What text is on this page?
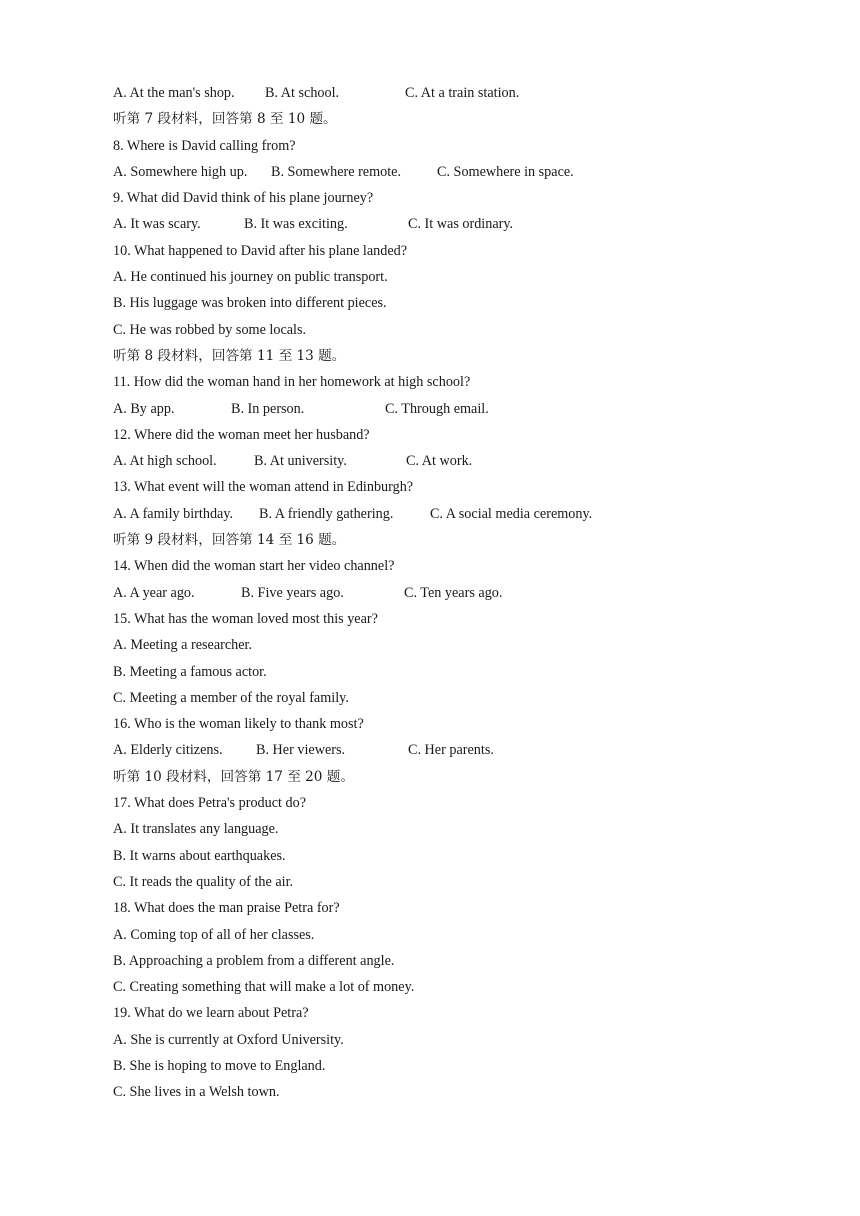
A. At the man's shop. B. At school.	C. At a train station.
听第 7 段材料，回答第 8 至 10 题。
8. Where is David calling from?
A. Somewhere high up. B. Somewhere remote.	C. Somewhere in space.
9. What did David think of his plane journey?
A. It was scary.	B. It was exciting.	C. It was ordinary.
10. What happened to David after his plane landed?
A. He continued his journey on public transport.
B. His luggage was broken into different pieces.
C. He was robbed by some locals.
听第 8 段材料，回答第 11 至 13 题。
11. How did the woman hand in her homework at high school?
A. By app.	B. In person.	C. Through email.
12. Where did the woman meet her husband?
A. At high school.	B. At university.	C. At work.
13. What event will the woman attend in Edinburgh?
A. A family birthday. B. A friendly gathering.	C. A social media ceremony.
听第 9 段材料，回答第 14 至 16 题。
14. When did the woman start her video channel?
A. A year ago.	B. Five years ago.	C. Ten years ago.
15. What has the woman loved most this year?
A. Meeting a researcher.
B. Meeting a famous actor.
C. Meeting a member of the royal family.
16. Who is the woman likely to thank most?
A. Elderly citizens. B. Her viewers.	C. Her parents.
听第 10 段材料，回答第 17 至 20 题。
17. What does Petra's product do?
A. It translates any language.
B. It warns about earthquakes.
C. It reads the quality of the air.
18. What does the man praise Petra for?
A. Coming top of all of her classes.
B. Approaching a problem from a different angle.
C. Creating something that will make a lot of money.
19. What do we learn about Petra?
A. She is currently at Oxford University.
B. She is hoping to move to England.
C. She lives in a Welsh town.
